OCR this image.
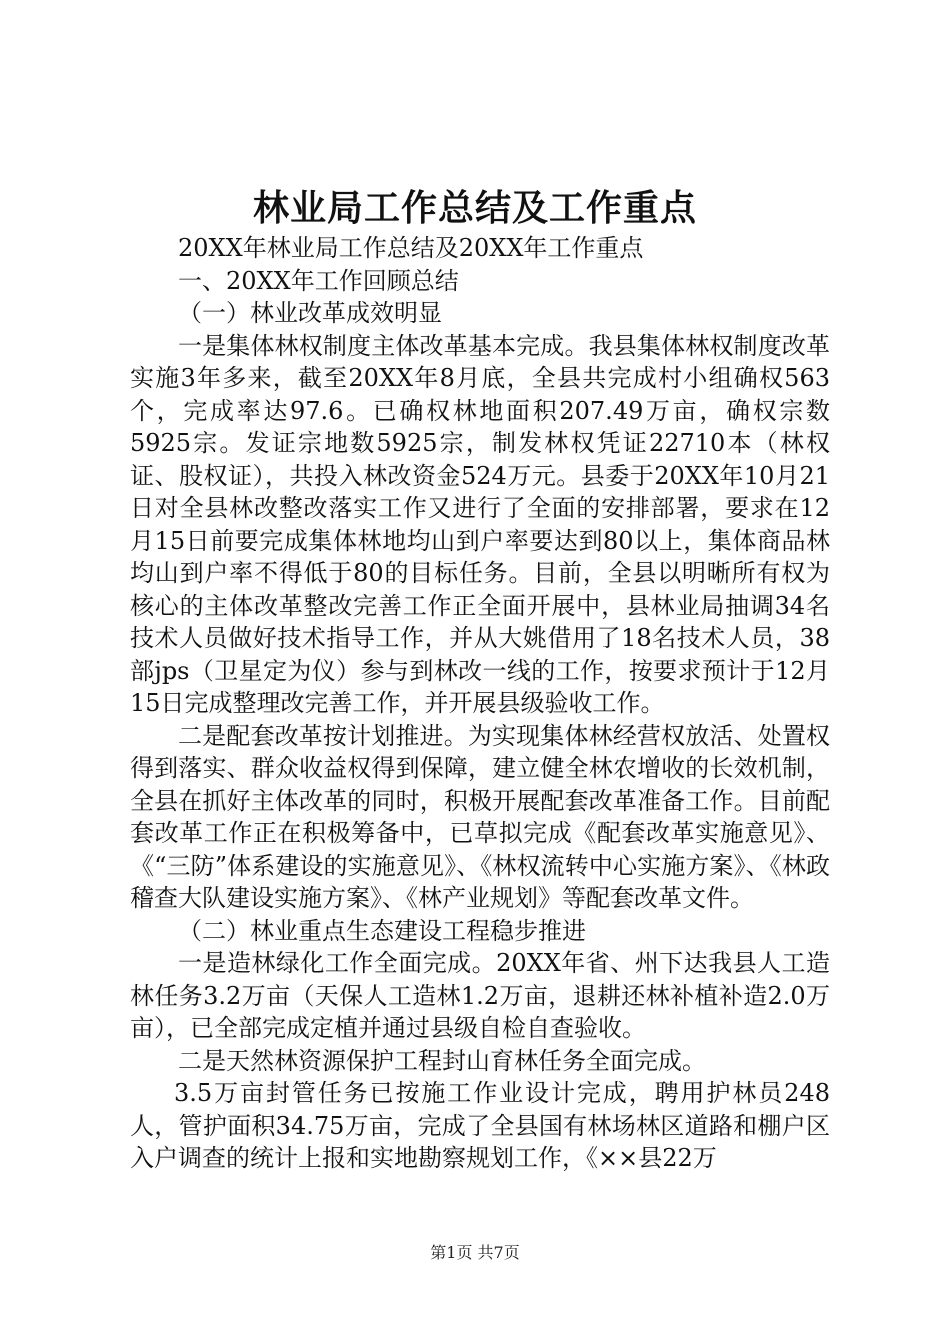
林业局工作总结及工作重点

20XX年林业局工作总结及20XX年工作重点

一、20XX年工作回顾总结

（一）林业改革成效明显

一是集体林权制度主体改革基本完成。我县集体林权制度改革实施3年多来，截至20XX年8月底，全县共完成村小组确权563个，完成率达97.6。已确权林地面积207.49万亩，确权宗数5925宗。发证宗地数5925宗，制发林权凭证22710本（林权证、股权证），共投入林改资金524万元。县委于20XX年10月21日对全县林改整改落实工作又进行了全面的安排部署，要求在12月15日前要完成集体林地均山到户率要达到80以上，集体商品林均山到户率不得低于80的目标任务。目前，全县以明晰所有权为核心的主体改革整改完善工作正全面开展中，县林业局抽调34名技术人员做好技术指导工作，并从大姚借用了18名技术人员，38部jps（卫星定为仪）参与到林改一线的工作，按要求预计于12月15日完成整理改完善工作，并开展县级验收工作。

二是配套改革按计划推进。为实现集体林经营权放活、处置权得到落实、群众收益权得到保障，建立健全林农增收的长效机制，全县在抓好主体改革的同时，积极开展配套改革准备工作。目前配套改革工作正在积极筹备中，已草拟完成《配套改革实施意见》、《“三防”体系建设的实施意见》、《林权流转中心实施方案》、《林政稽查大队建设实施方案》、《林产业规划》等配套改革文件。

（二）林业重点生态建设工程稳步推进

一是造林绿化工作全面完成。20XX年省、州下达我县人工造林任务3.2万亩（天保人工造林1.2万亩，退耕还林补植补造2.0万亩），已全部完成定植并通过县级自检自查验收。

二是天然林资源保护工程封山育林任务全面完成。

3.5万亩封管任务已按施工作业设计完成，聘用护林员248人，管护面积34.75万亩，完成了全县国有林场林区道路和棚户区入户调查的统计上报和实地勘察规划工作，《××县22万

第1页 共7页
